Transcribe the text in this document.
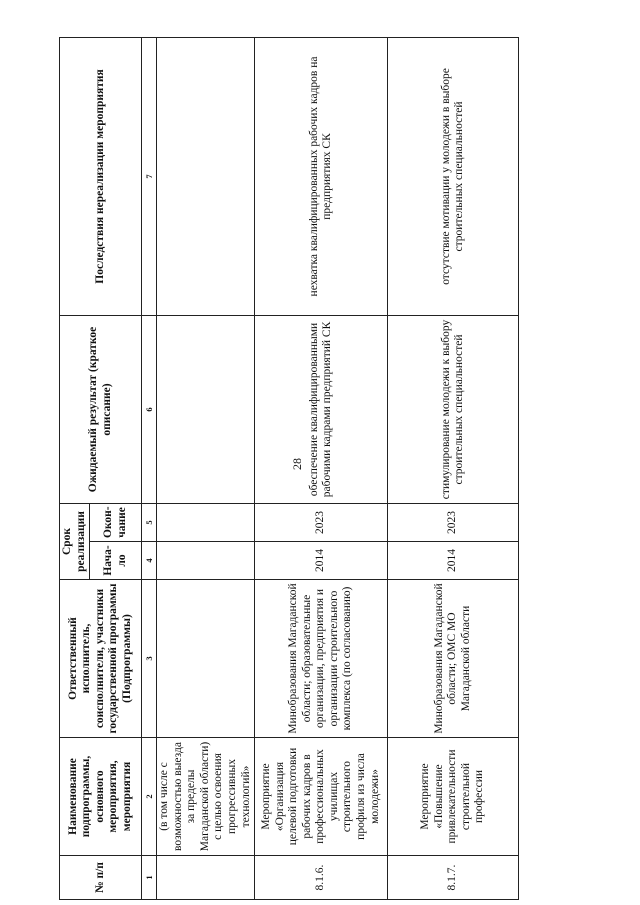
28
№ п/п	Наименование подпрограммы, основного мероприятия, мероприятия	Ответственный исполнитель, соисполнители, участники государственной программы (Подпрограммы)	Срок реализации		Ожидаемый результат (краткое описание)	Последствия нереализации мероприятия
			Нача-ло	Окон-чание		
1	2	3	4	5	6	7
	(в том числе с возможностью выезда за пределы Магаданской области) с целью освоения прогрессивных технологий»					
8.1.6.	Мероприятие «Организация целевой подготовки рабочих кадров в профессиональных училищах строительного профиля из числа молодежи»	Минобразования Магаданской области; образовательные организации, предприятия и организации строительного комплекса (по согласованию)	2014	2023	обеспечение квалифицированными рабочими кадрами предприятий СК	нехватка квалифицированных рабочих кадров на предприятиях СК
8.1.7.	Мероприятие «Повышение привлекательности строительной профессии	Минобразования Магаданской области; ОМС МО Магаданской области	2014	2023	стимулирование молодежи к выбору строительных специальностей	отсутствие мотивации у молодежи в выборе строительных специальностей
